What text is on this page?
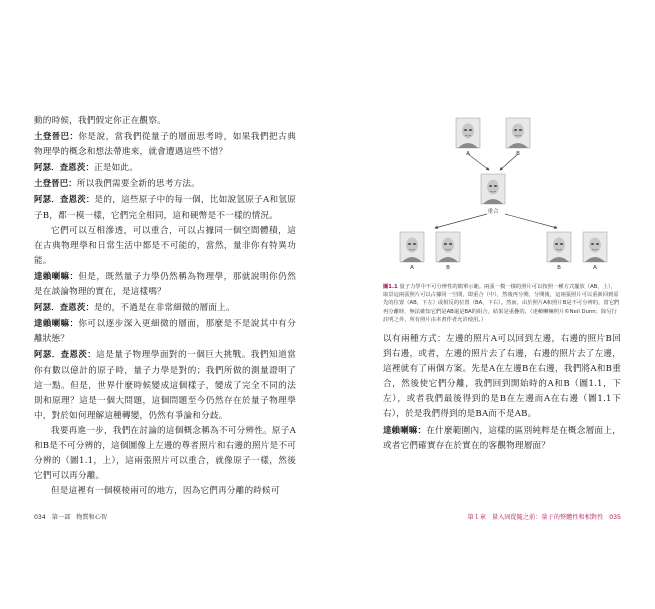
動的時候，我們假定你正在觀察。

土登晉巴：你是說，當我們從量子的層面思考時，如果我們把古典物理學的概念和想法帶進來，就會遭遇這些不惜？

阿瑟．查恩茨：正是如此。

土登晉巴：所以我們需要全新的思考方法。

阿瑟．查恩茨：是的，這些原子中的每一個，比如說氫原子A和氫原子B，都一模一樣，它們完全相同，這和硬幣是不一樣的情況。

它們可以互相滲透，可以重合，可以占據同一個空間體積，這在古典物理學和日常生活中都是不可能的，當然，量非你有特異功能。

達賴喇嘛：但是，既然量子力學仍然稱為物理學，那就說明你仍然是在談論物理的實在，是這樣嗎？

阿瑟．查恩茨：是的，不過是在非常細微的層面上。

達賴喇嘛：你可以逐步深入更細微的層面，那麼是不是說其中有分離狀態？

阿瑟．查恩茨：這是量子物理學面對的一個巨大挑戰。我們知道當你有數以億計的原子時，量子力學是對的；我們所做的測量證明了這一點。但是，世界什麼時候變成這個樣子，變成了完全不同的法則和原理？這是一個大問題，這個問題至今仍然存在於量子物理學中，對於如何理解這種轉變，仍然有爭論和分歧。

我要再進一步，我們在討論的這個概念稱為不可分辨性。原子A和B是不可分辨的，這個圖像上左邊的尊者照片和右邊的照片是不可分辨的（圖1.1，上），這兩張照片可以重合，就像原子一樣，然後它們可以再分離。

但是這裡有一個模棱兩可的地方，因為它們再分離的時候可

A	B
重合
A	B	B	A

圖1.1 量子力學中不可分辨性的簡單示範。兩張一模一樣的照片可以按照一種方式擺放（AB，上），取景這兩張照片可以占據同一空間，即重合（中），然後再分開，分開後，這兩張照片可以重新回到原先的位置（AB，下左）或相反的位置（BA，下右）。然而，由於照片A和照片B是不可分辨的，當它們再分離時，無法確知它們是AB還是BA的組合，結果是重疊的。（達賴喇嘛照片©Neil Dunn；除另行註明之外，所有照片由本書作者允許使用。）

以有兩種方式：左邊的照片A可以回到左邊，右邊的照片B回到右邊，或者，左邊的照片去了右邊，右邊的照片去了左邊，這裡就有了兩個方案。先是A在左邊B在右邊，我們將A和B重合，然後使它們分離，我們回到開始時的A和B（圖1.1，下左），或者我們最後得到的是B在左邊而A在右邊（圖1.1下右），於是我們得到的是BA而不是AB。

達賴喇嘛：在什麼範圍內，這樣的區別純粹是在概念層面上，或者它們確實存在於實在的客觀物理層面？

034 第一部 物質和心智	第１章 量入固從隨之前：量子的整體性和相對性 035
